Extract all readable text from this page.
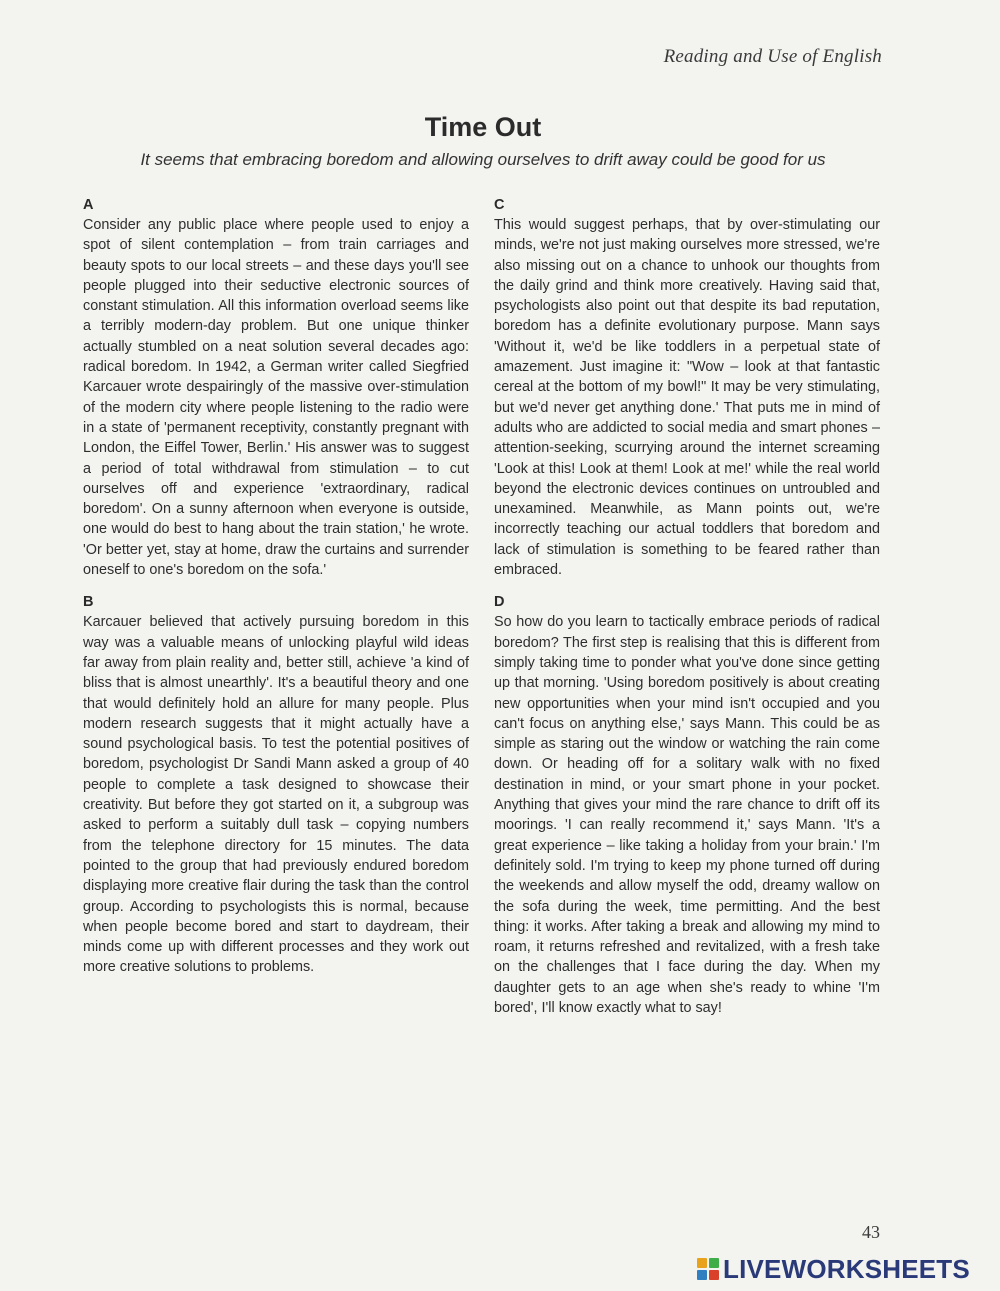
Reading and Use of English
Time Out
It seems that embracing boredom and allowing ourselves to drift away could be good for us
A
Consider any public place where people used to enjoy a spot of silent contemplation – from train carriages and beauty spots to our local streets – and these days you'll see people plugged into their seductive electronic sources of constant stimulation. All this information overload seems like a terribly modern-day problem. But one unique thinker actually stumbled on a neat solution several decades ago: radical boredom. In 1942, a German writer called Siegfried Karcauer wrote despairingly of the massive over-stimulation of the modern city where people listening to the radio were in a state of 'permanent receptivity, constantly pregnant with London, the Eiffel Tower, Berlin.' His answer was to suggest a period of total withdrawal from stimulation – to cut ourselves off and experience 'extraordinary, radical boredom'. On a sunny afternoon when everyone is outside, one would do best to hang about the train station,' he wrote. 'Or better yet, stay at home, draw the curtains and surrender oneself to one's boredom on the sofa.'
B
Karcauer believed that actively pursuing boredom in this way was a valuable means of unlocking playful wild ideas far away from plain reality and, better still, achieve 'a kind of bliss that is almost unearthly'. It's a beautiful theory and one that would definitely hold an allure for many people. Plus modern research suggests that it might actually have a sound psychological basis. To test the potential positives of boredom, psychologist Dr Sandi Mann asked a group of 40 people to complete a task designed to showcase their creativity. But before they got started on it, a subgroup was asked to perform a suitably dull task – copying numbers from the telephone directory for 15 minutes. The data pointed to the group that had previously endured boredom displaying more creative flair during the task than the control group. According to psychologists this is normal, because when people become bored and start to daydream, their minds come up with different processes and they work out more creative solutions to problems.
C
This would suggest perhaps, that by over-stimulating our minds, we're not just making ourselves more stressed, we're also missing out on a chance to unhook our thoughts from the daily grind and think more creatively. Having said that, psychologists also point out that despite its bad reputation, boredom has a definite evolutionary purpose. Mann says 'Without it, we'd be like toddlers in a perpetual state of amazement. Just imagine it: "Wow – look at that fantastic cereal at the bottom of my bowl!" It may be very stimulating, but we'd never get anything done.' That puts me in mind of adults who are addicted to social media and smart phones – attention-seeking, scurrying around the internet screaming 'Look at this! Look at them! Look at me!' while the real world beyond the electronic devices continues on untroubled and unexamined. Meanwhile, as Mann points out, we're incorrectly teaching our actual toddlers that boredom and lack of stimulation is something to be feared rather than embraced.
D
So how do you learn to tactically embrace periods of radical boredom? The first step is realising that this is different from simply taking time to ponder what you've done since getting up that morning. 'Using boredom positively is about creating new opportunities when your mind isn't occupied and you can't focus on anything else,' says Mann. This could be as simple as staring out the window or watching the rain come down. Or heading off for a solitary walk with no fixed destination in mind, or your smart phone in your pocket. Anything that gives your mind the rare chance to drift off its moorings. 'I can really recommend it,' says Mann. 'It's a great experience – like taking a holiday from your brain.' I'm definitely sold. I'm trying to keep my phone turned off during the weekends and allow myself the odd, dreamy wallow on the sofa during the week, time permitting. And the best thing: it works. After taking a break and allowing my mind to roam, it returns refreshed and revitalized, with a fresh take on the challenges that I face during the day. When my daughter gets to an age when she's ready to whine 'I'm bored', I'll know exactly what to say!
43
LIVEWORKSHEETS
